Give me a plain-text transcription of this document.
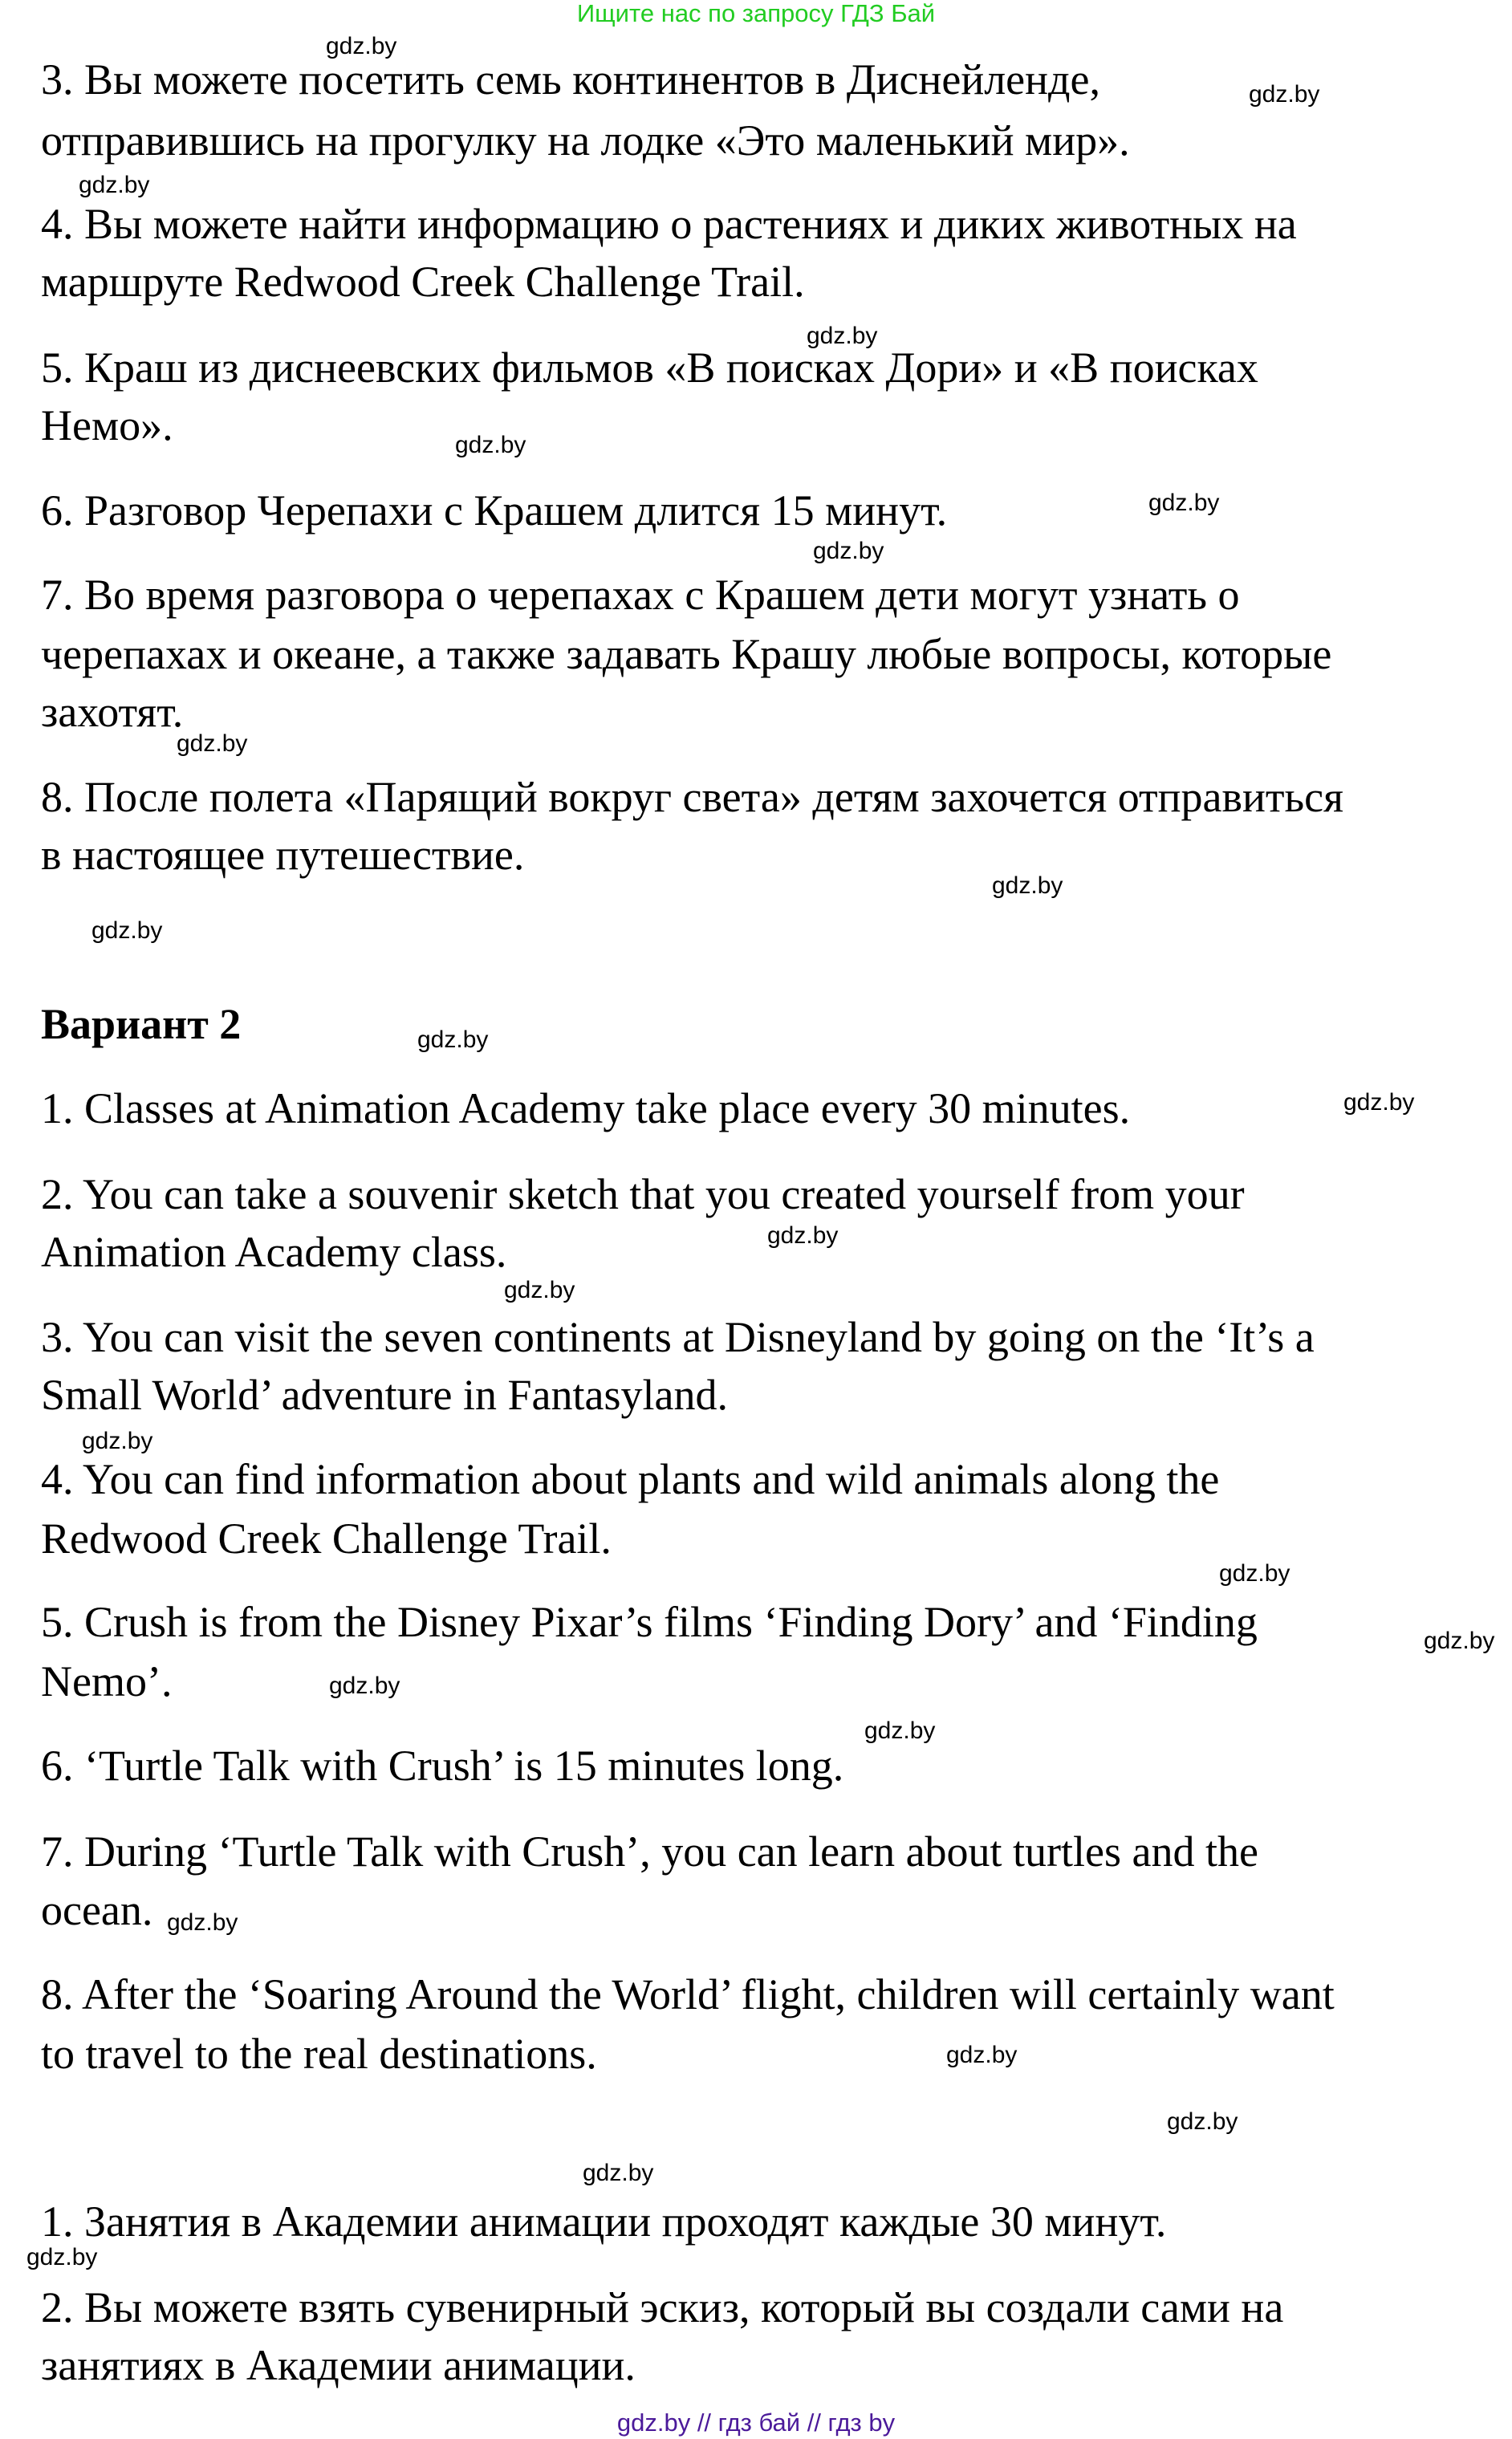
Ищите нас по запросу ГДЗ Бай
3. Вы можете посетить семь континентов в Диснейленде,
отправившись на прогулку на лодке «Это маленький мир».
4. Вы можете найти информацию о растениях и диких животных на
маршруте Redwood Creek Challenge Trail.
5. Краш из диснеевских фильмов «В поисках Дори» и «В поисках
Немо».
6. Разговор Черепахи с Крашем длится 15 минут.
7. Во время разговора о черепахах с Крашем дети могут узнать о
черепахах и океане, а также задавать Крашу любые вопросы, которые
захотят.
8. После полета «Парящий вокруг света» детям захочется отправиться
в настоящее путешествие.
1. Classes at Animation Academy take place every 30 minutes.
2. You can take a souvenir sketch that you created yourself from your
Animation Academy class.
3. You can visit the seven continents at Disneyland by going on the ‘It’s a
Small World’ adventure in Fantasyland.
4. You can find information about plants and wild animals along the
Redwood Creek Challenge Trail.
5. Crush is from the Disney Pixar’s films ‘Finding Dory’ and ‘Finding
Nemo’.
6. ‘Turtle Talk with Crush’ is 15 minutes long.
7. During ‘Turtle Talk with Crush’, you can learn about turtles and the
ocean.
8. After the ‘Soaring Around the World’ flight, children will certainly want
to travel to the real destinations.
1. Занятия в Академии анимации проходят каждые 30 минут.
2. Вы можете взять сувенирный эскиз, который вы создали сами на
занятиях в Академии анимации.
Вариант 2
gdz.by
gdz.by
gdz.by
gdz.by
gdz.by
gdz.by
gdz.by
gdz.by
gdz.by
gdz.by
gdz.by
gdz.by
gdz.by
gdz.by
gdz.by
gdz.by
gdz.by
gdz.by
gdz.by
gdz.by
gdz.by
gdz.by
gdz.by
gdz.by
gdz.by // гдз бай // гдз by
